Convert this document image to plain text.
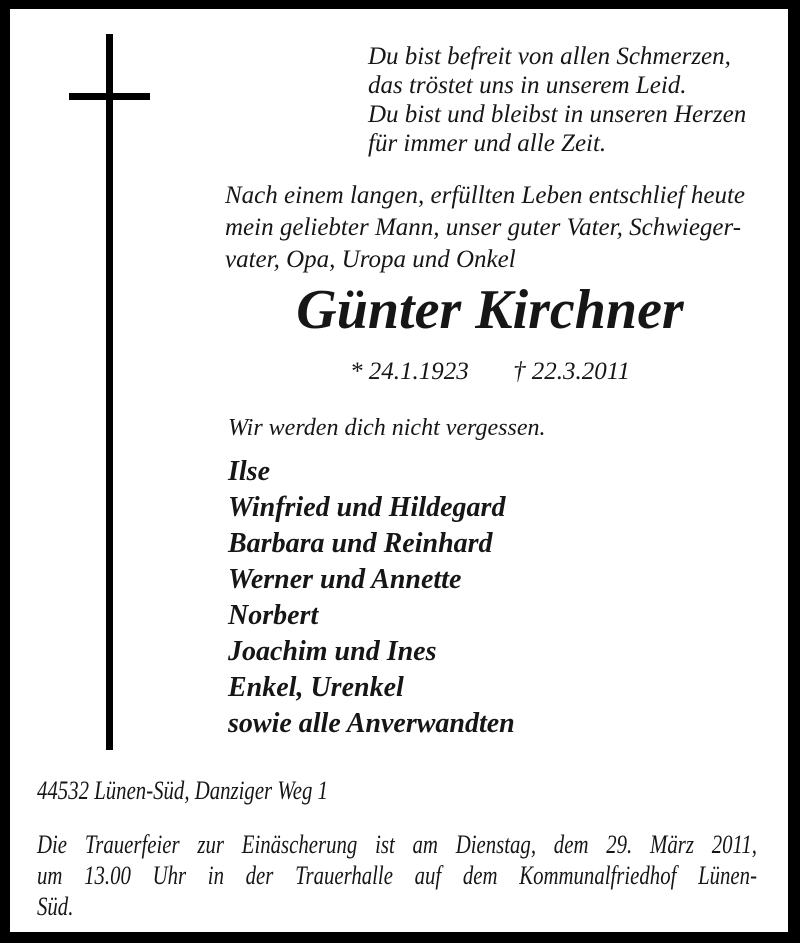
Du bist befreit von allen Schmerzen,
das tröstet uns in unserem Leid.
Du bist und bleibst in unseren Herzen
für immer und alle Zeit.
Nach einem langen, erfüllten Leben entschlief heute
mein geliebter Mann, unser guter Vater, Schwieger-
vater, Opa, Uropa und Onkel
Günter Kirchner
* 24.1.1923 † 22.3.2011
Wir werden dich nicht vergessen.
Ilse
Winfried und Hildegard
Barbara und Reinhard
Werner und Annette
Norbert
Joachim und Ines
Enkel, Urenkel
sowie alle Anverwandten
44532 Lünen-Süd, Danziger Weg 1
Die Trauerfeier zur Einäscherung ist am Dienstag, dem 29. März 2011,
um 13.00 Uhr in der Trauerhalle auf dem Kommunalfriedhof Lünen-
Süd.
